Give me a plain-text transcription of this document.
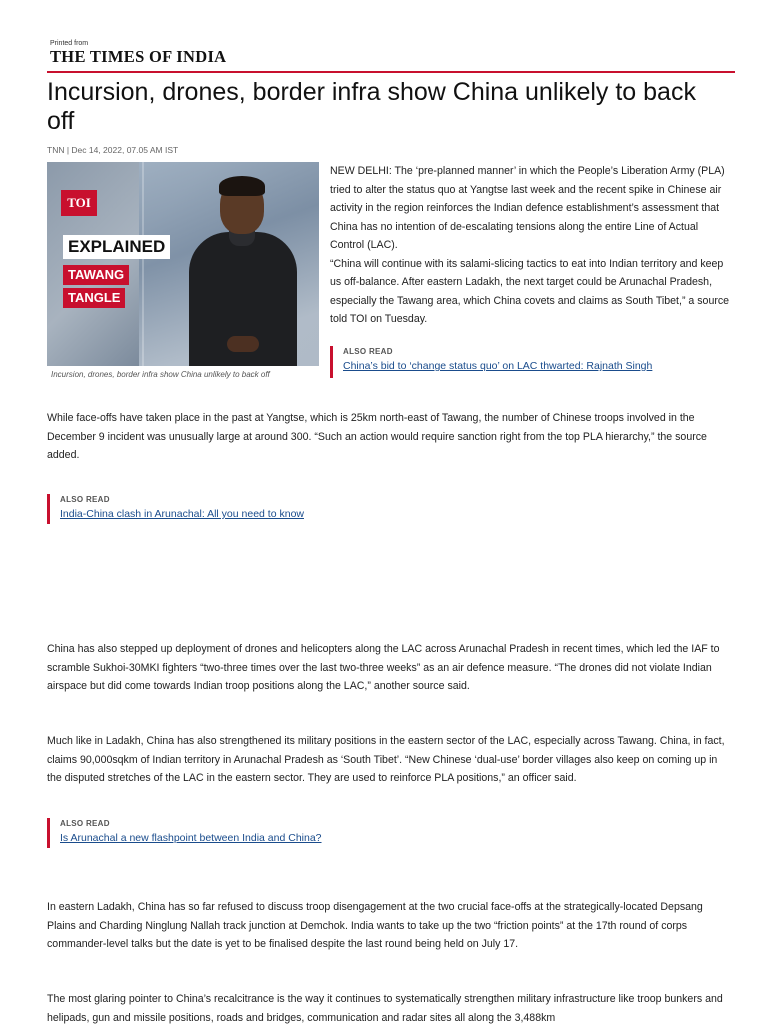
Printed from
THE TIMES OF INDIA
Incursion, drones, border infra show China unlikely to back off
TNN | Dec 14, 2022, 07.05 AM IST
TOI
EXPLAINED
TAWANG
TANGLE
Incursion, drones, border infra show China unlikely to back off

NEW DELHI: The ‘pre-planned manner’ in which the People’s Liberation Army (PLA) tried to alter the status quo at Yangtse last week and the recent spike in Chinese air activity in the region reinforces the Indian defence establishment’s assessment that China has no intention of de-escalating tensions along the entire Line of Actual Control (LAC).

“China will continue with its salami-slicing tactics to eat into Indian territory and keep us off-balance. After eastern Ladakh, the next target could be Arunachal Pradesh, especially the Tawang area, which China covets and claims as South Tibet,” a source told TOI on Tuesday.

ALSO READ
China’s bid to ‘change status quo’ on LAC thwarted: Rajnath Singh

While face-offs have taken place in the past at Yangtse, which is 25km north-east of Tawang, the number of Chinese troops involved in the December 9 incident was unusually large at around 300. “Such an action would require sanction right from the top PLA hierarchy,” the source added.

ALSO READ
India-China clash in Arunachal: All you need to know

China has also stepped up deployment of drones and helicopters along the LAC across Arunachal Pradesh in recent times, which led the IAF to scramble Sukhoi-30MKI fighters “two-three times over the last two-three weeks” as an air defence measure. “The drones did not violate Indian airspace but did come towards Indian troop positions along the LAC,” another source said.

Much like in Ladakh, China has also strengthened its military positions in the eastern sector of the LAC, especially across Tawang. China, in fact, claims 90,000sqkm of Indian territory in Arunachal Pradesh as ‘South Tibet’. “New Chinese ‘dual-use’ border villages also keep on coming up in the disputed stretches of the LAC in the eastern sector. They are used to reinforce PLA positions,” an officer said.

ALSO READ
Is Arunachal a new flashpoint between India and China?

In eastern Ladakh, China has so far refused to discuss troop disengagement at the two crucial face-offs at the strategically-located Depsang Plains and Charding Ninglung Nallah track junction at Demchok. India wants to take up the two “friction points” at the 17th round of corps commander-level talks but the date is yet to be finalised despite the last round being held on July 17.

The most glaring pointer to China’s recalcitrance is the way it continues to systematically strengthen military infrastructure like troop bunkers and helipads, gun and missile positions, roads and bridges, communication and radar sites all along the 3,488km
